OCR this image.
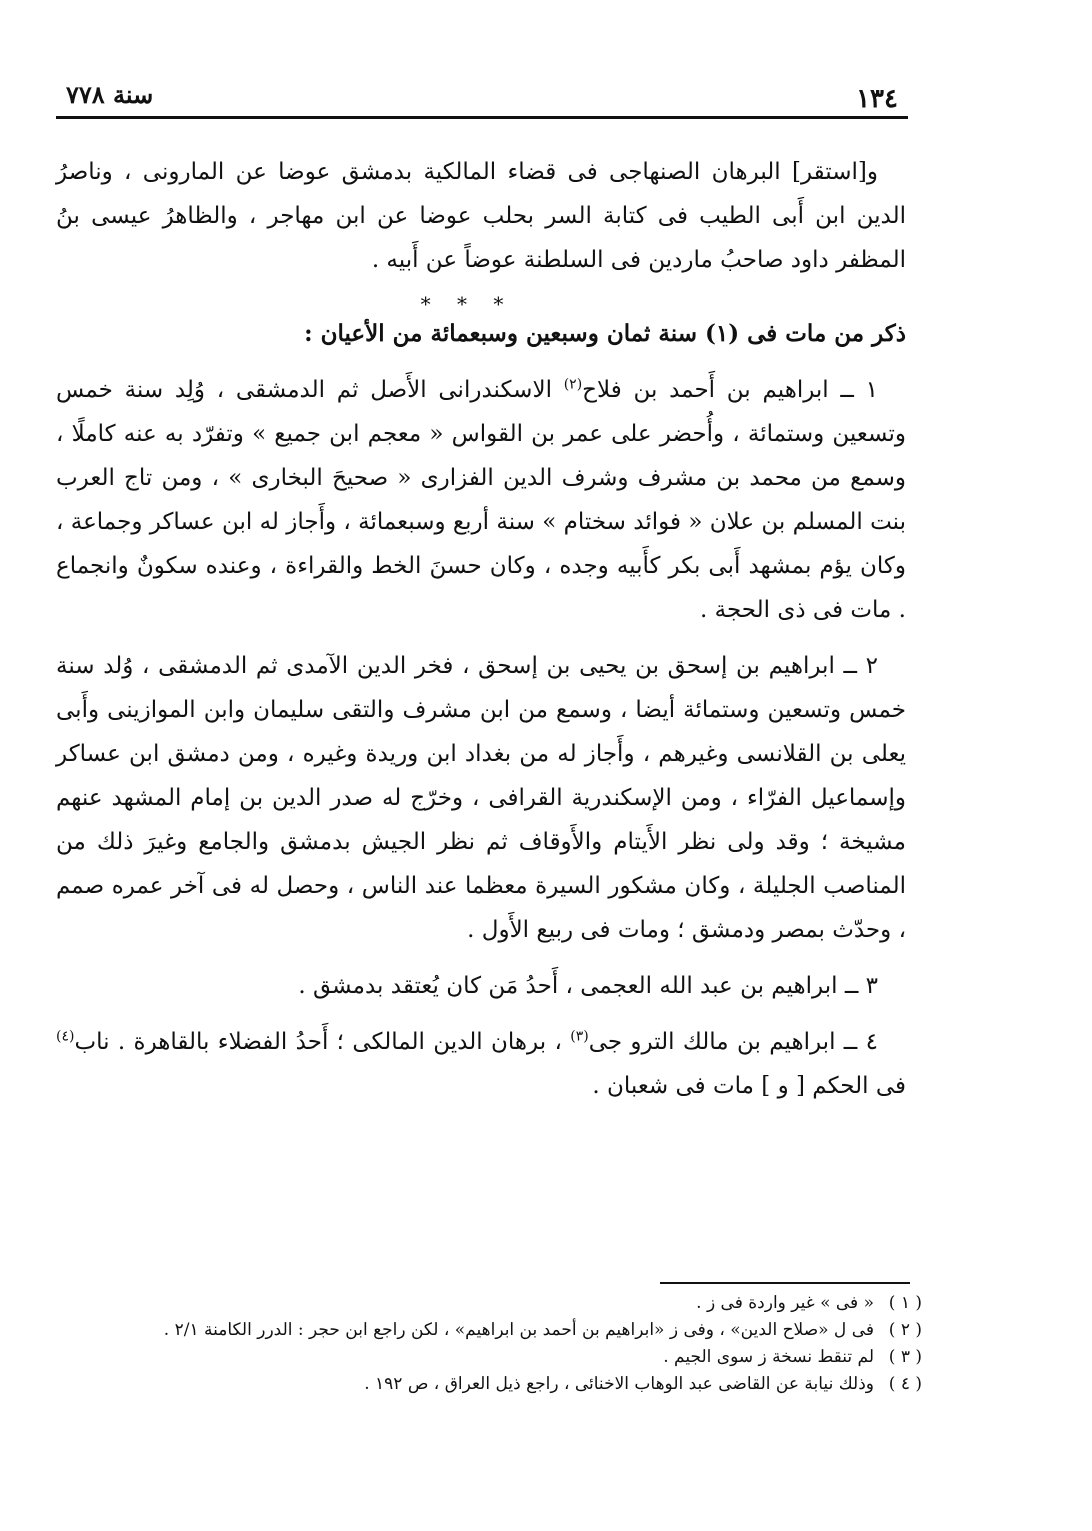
١٣٤
سنة ٧٧٨

و[استقر] البرهان الصنهاجى فى قضاء المالكية بدمشق عوضا عن المارونى ، وناصرُ الدين ابن أَبى الطيب فى كتابة السر بحلب عوضا عن ابن مهاجر ، والظاهرُ عيسى بنُ المظفر داود صاحبُ ماردين فى السلطنة عوضاً عن أَبيه .

* * *

ذكر من مات فى (١) سنة ثمان وسبعين وسبعمائة من الأعيان :

١ ــ ابراهيم بن أَحمد بن فلاح$^{(٢)}$ الاسكندرانى الأَصل ثم الدمشقى ، وُلِد سنة خمس وتسعين وستمائة ، وأُحضر على عمر بن القواس « معجم ابن جميع » وتفرّد به عنه كاملًا ، وسمع من محمد بن مشرف وشرف الدين الفزارى « صحيحَ البخارى » ، ومن تاج العرب بنت المسلم بن علان « فوائد سختام » سنة أربع وسبعمائة ، وأَجاز له ابن عساكر وجماعة ، وكان يؤم بمشهد أَبى بكر كأَبيه وجده ، وكان حسنَ الخط والقراءة ، وعنده سكونٌ وانجماع . مات فى ذى الحجة .

٢ ــ ابراهيم بن إسحق بن يحيى بن إسحق ، فخر الدين الآمدى ثم الدمشقى ، وُلد سنة خمس وتسعين وستمائة أيضا ، وسمع من ابن مشرف والتقى سليمان وابن الموازينى وأَبى يعلى بن القلانسى وغيرهم ، وأَجاز له من بغداد ابن وريدة وغيره ، ومن دمشق ابن عساكر وإسماعيل الفرّاء ، ومن الإسكندرية القرافى ، وخرّج له صدر الدين بن إمام المشهد عنهم مشيخة ؛ وقد ولى نظر الأَيتام والأَوقاف ثم نظر الجيش بدمشق والجامع وغيرَ ذلك من المناصب الجليلة ، وكان مشكور السيرة معظما عند الناس ، وحصل له فى آخر عمره صمم ، وحدّث بمصر ودمشق ؛ ومات فى ربيع الأَول .

٣ ــ ابراهيم بن عبد الله العجمى ، أَحدُ مَن كان يُعتقد بدمشق .

٤ ــ ابراهيم بن مالك الترو جى$^{(٣)}$ ، برهان الدين المالكى ؛ أَحدُ الفضلاء بالقاهرة . ناب$^{(٤)}$ فى الحكم [ و ] مات فى شعبان .

( ١ )« فى » غير واردة فى ز .
( ٢ )فى ل «صلاح الدين» ، وفى ز «ابراهيم بن أحمد بن ابراهيم» ، لكن راجع ابن حجر : الدرر الكامنة ٢/١ .
( ٣ )لم تنقط نسخة ز سوى الجيم .
( ٤ )وذلك نيابة عن القاضى عبد الوهاب الاخنائى ، راجع ذيل العراق ، ص ١٩٢ .
